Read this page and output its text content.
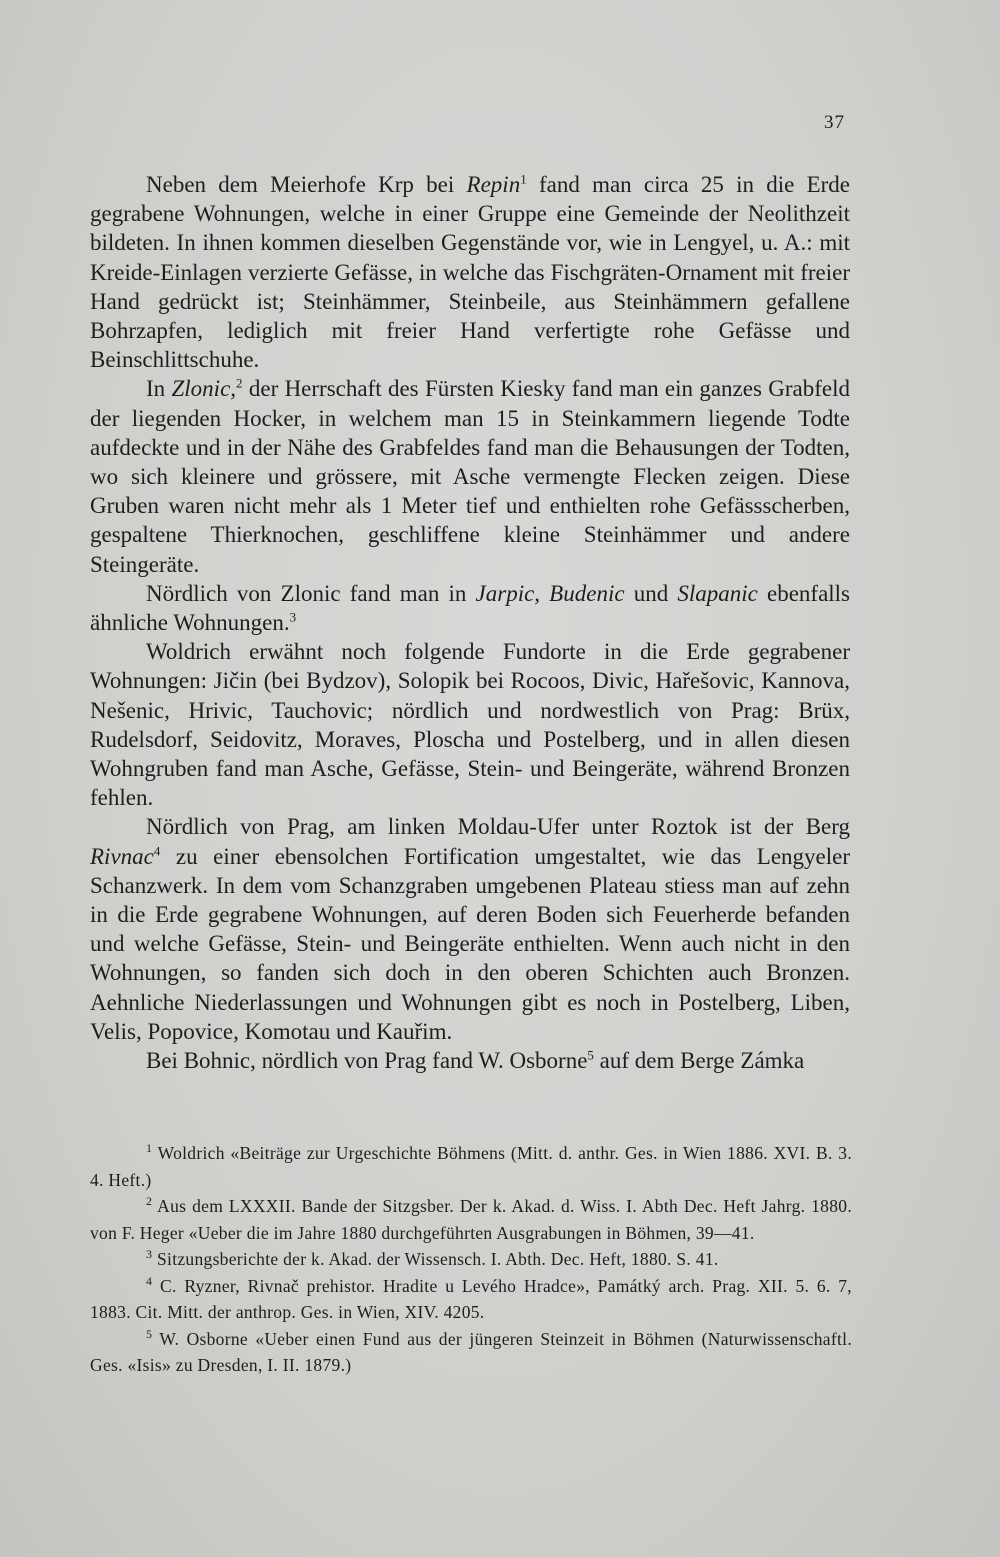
37

Neben dem Meierhofe Krp bei Repin$^1$ fand man circa 25 in die Erde gegrabene Wohnungen, welche in einer Gruppe eine Gemeinde der Neolithzeit bildeten. In ihnen kommen dieselben Gegenstände vor, wie in Lengyel, u. A.: mit Kreide-Einlagen verzierte Gefässe, in welche das Fischgräten-Ornament mit freier Hand gedrückt ist; Steinhämmer, Steinbeile, aus Steinhämmern gefallene Bohrzapfen, lediglich mit freier Hand verfertigte rohe Gefässe und Beinschlittschuhe.

In Zlonic,$^2$ der Herrschaft des Fürsten Kiesky fand man ein ganzes Grabfeld der liegenden Hocker, in welchem man 15 in Steinkammern liegende Todte aufdeckte und in der Nähe des Grabfeldes fand man die Behausungen der Todten, wo sich kleinere und grössere, mit Asche vermengte Flecken zeigen. Diese Gruben waren nicht mehr als 1 Meter tief und enthielten rohe Gefässscherben, gespaltene Thierknochen, geschliffene kleine Steinhämmer und andere Steingeräte.

Nördlich von Zlonic fand man in Jarpic, Budenic und Slapanic ebenfalls ähnliche Wohnungen.$^3$

Woldrich erwähnt noch folgende Fundorte in die Erde gegrabener Wohnungen: Jičin (bei Bydzov), Solopik bei Rocoos, Divic, Hařešovic, Kannova, Nešenic, Hrivic, Tauchovic; nördlich und nordwestlich von Prag: Brüx, Rudelsdorf, Seidovitz, Moraves, Ploscha und Postelberg, und in allen diesen Wohngruben fand man Asche, Gefässe, Stein- und Beingeräte, während Bronzen fehlen.

Nördlich von Prag, am linken Moldau-Ufer unter Roztok ist der Berg Rivnac$^4$ zu einer ebensolchen Fortification umgestaltet, wie das Lengyeler Schanzwerk. In dem vom Schanzgraben umgebenen Plateau stiess man auf zehn in die Erde gegrabene Wohnungen, auf deren Boden sich Feuerherde befanden und welche Gefässe, Stein- und Beingeräte enthielten. Wenn auch nicht in den Wohnungen, so fanden sich doch in den oberen Schichten auch Bronzen. Aehnliche Niederlassungen und Wohnungen gibt es noch in Postelberg, Liben, Velis, Popovice, Komotau und Kauřim.

Bei Bohnic, nördlich von Prag fand W. Osborne$^5$ auf dem Berge Zámka

$^1$ Woldrich «Beiträge zur Urgeschichte Böhmens (Mitt. d. anthr. Ges. in Wien 1886. XVI. B. 3. 4. Heft.)

$^2$ Aus dem LXXXII. Bande der Sitzgsber. Der k. Akad. d. Wiss. I. Abth Dec. Heft Jahrg. 1880. von F. Heger «Ueber die im Jahre 1880 durchgeführten Ausgrabungen in Böhmen, 39—41.

$^3$ Sitzungsberichte der k. Akad. der Wissensch. I. Abth. Dec. Heft, 1880. S. 41.

$^4$ C. Ryzner, Rivnač prehistor. Hradite u Levého Hradce», Památký arch. Prag. XII. 5. 6. 7, 1883. Cit. Mitt. der anthrop. Ges. in Wien, XIV. 4205.

$^5$ W. Osborne «Ueber einen Fund aus der jüngeren Steinzeit in Böhmen (Naturwissenschaftl. Ges. «Isis» zu Dresden, I. II. 1879.)
